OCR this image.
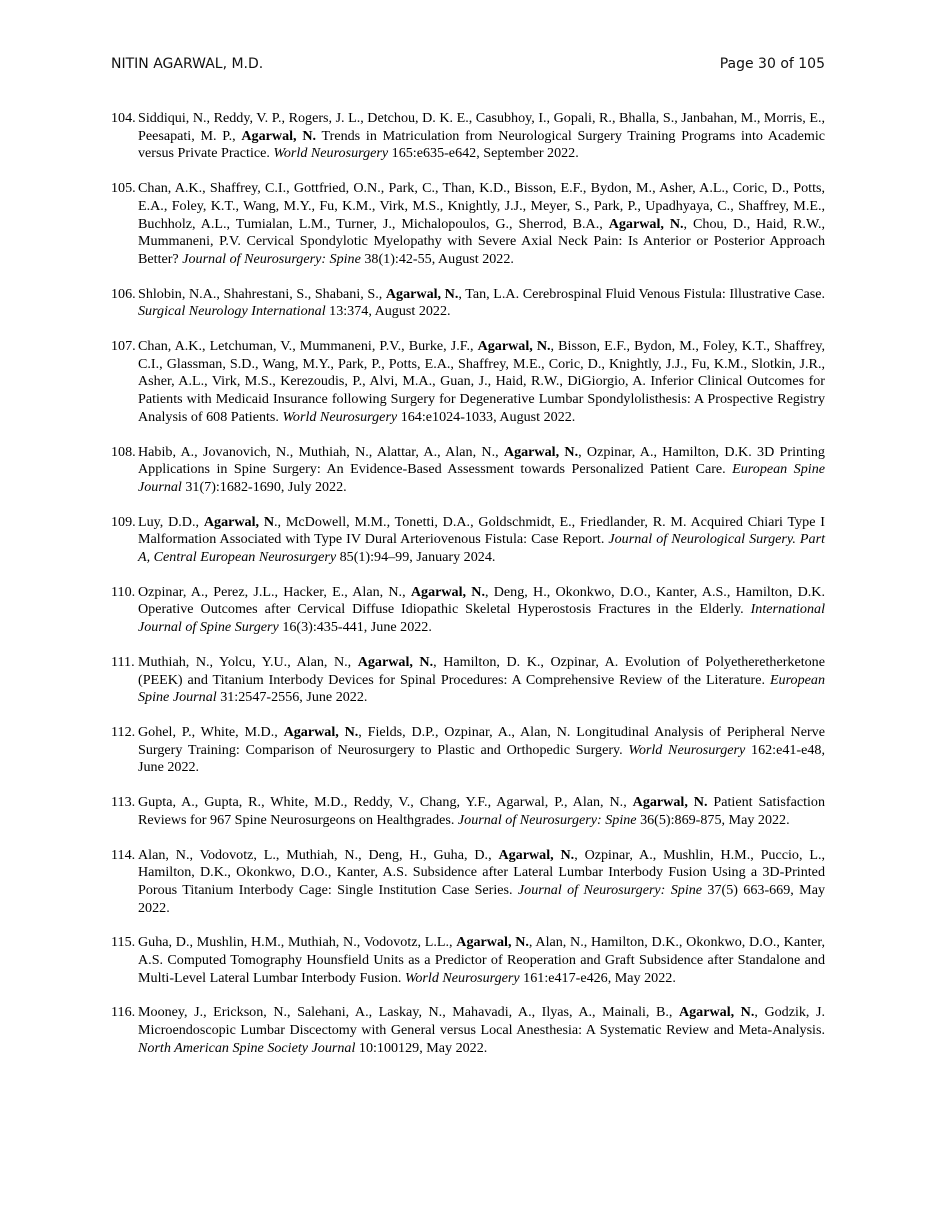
NITIN AGARWAL, M.D.	Page 30 of 105
104. Siddiqui, N., Reddy, V. P., Rogers, J. L., Detchou, D. K. E., Casubhoy, I., Gopali, R., Bhalla, S., Janbahan, M., Morris, E., Peesapati, M. P., Agarwal, N. Trends in Matriculation from Neurological Surgery Training Programs into Academic versus Private Practice. World Neurosurgery 165:e635-e642, September 2022.
105. Chan, A.K., Shaffrey, C.I., Gottfried, O.N., Park, C., Than, K.D., Bisson, E.F., Bydon, M., Asher, A.L., Coric, D., Potts, E.A., Foley, K.T., Wang, M.Y., Fu, K.M., Virk, M.S., Knightly, J.J., Meyer, S., Park, P., Upadhyaya, C., Shaffrey, M.E., Buchholz, A.L., Tumialan, L.M., Turner, J., Michalopoulos, G., Sherrod, B.A., Agarwal, N., Chou, D., Haid, R.W., Mummaneni, P.V. Cervical Spondylotic Myelopathy with Severe Axial Neck Pain: Is Anterior or Posterior Approach Better? Journal of Neurosurgery: Spine 38(1):42-55, August 2022.
106. Shlobin, N.A., Shahrestani, S., Shabani, S., Agarwal, N., Tan, L.A. Cerebrospinal Fluid Venous Fistula: Illustrative Case. Surgical Neurology International 13:374, August 2022.
107. Chan, A.K., Letchuman, V., Mummaneni, P.V., Burke, J.F., Agarwal, N., Bisson, E.F., Bydon, M., Foley, K.T., Shaffrey, C.I., Glassman, S.D., Wang, M.Y., Park, P., Potts, E.A., Shaffrey, M.E., Coric, D., Knightly, J.J., Fu, K.M., Slotkin, J.R., Asher, A.L., Virk, M.S., Kerezoudis, P., Alvi, M.A., Guan, J., Haid, R.W., DiGiorgio, A. Inferior Clinical Outcomes for Patients with Medicaid Insurance following Surgery for Degenerative Lumbar Spondylolisthesis: A Prospective Registry Analysis of 608 Patients. World Neurosurgery 164:e1024-1033, August 2022.
108. Habib, A., Jovanovich, N., Muthiah, N., Alattar, A., Alan, N., Agarwal, N., Ozpinar, A., Hamilton, D.K. 3D Printing Applications in Spine Surgery: An Evidence-Based Assessment towards Personalized Patient Care. European Spine Journal 31(7):1682-1690, July 2022.
109. Luy, D.D., Agarwal, N., McDowell, M.M., Tonetti, D.A., Goldschmidt, E., Friedlander, R. M. Acquired Chiari Type I Malformation Associated with Type IV Dural Arteriovenous Fistula: Case Report. Journal of Neurological Surgery. Part A, Central European Neurosurgery 85(1):94–99, January 2024.
110. Ozpinar, A., Perez, J.L., Hacker, E., Alan, N., Agarwal, N., Deng, H., Okonkwo, D.O., Kanter, A.S., Hamilton, D.K. Operative Outcomes after Cervical Diffuse Idiopathic Skeletal Hyperostosis Fractures in the Elderly. International Journal of Spine Surgery 16(3):435-441, June 2022.
111. Muthiah, N., Yolcu, Y.U., Alan, N., Agarwal, N., Hamilton, D. K., Ozpinar, A. Evolution of Polyetheretherketone (PEEK) and Titanium Interbody Devices for Spinal Procedures: A Comprehensive Review of the Literature. European Spine Journal 31:2547-2556, June 2022.
112. Gohel, P., White, M.D., Agarwal, N., Fields, D.P., Ozpinar, A., Alan, N. Longitudinal Analysis of Peripheral Nerve Surgery Training: Comparison of Neurosurgery to Plastic and Orthopedic Surgery. World Neurosurgery 162:e41-e48, June 2022.
113. Gupta, A., Gupta, R., White, M.D., Reddy, V., Chang, Y.F., Agarwal, P., Alan, N., Agarwal, N. Patient Satisfaction Reviews for 967 Spine Neurosurgeons on Healthgrades. Journal of Neurosurgery: Spine 36(5):869-875, May 2022.
114. Alan, N., Vodovotz, L., Muthiah, N., Deng, H., Guha, D., Agarwal, N., Ozpinar, A., Mushlin, H.M., Puccio, L., Hamilton, D.K., Okonkwo, D.O., Kanter, A.S. Subsidence after Lateral Lumbar Interbody Fusion Using a 3D-Printed Porous Titanium Interbody Cage: Single Institution Case Series. Journal of Neurosurgery: Spine 37(5) 663-669, May 2022.
115. Guha, D., Mushlin, H.M., Muthiah, N., Vodovotz, L.L., Agarwal, N., Alan, N., Hamilton, D.K., Okonkwo, D.O., Kanter, A.S. Computed Tomography Hounsfield Units as a Predictor of Reoperation and Graft Subsidence after Standalone and Multi-Level Lateral Lumbar Interbody Fusion. World Neurosurgery 161:e417-e426, May 2022.
116. Mooney, J., Erickson, N., Salehani, A., Laskay, N., Mahavadi, A., Ilyas, A., Mainali, B., Agarwal, N., Godzik, J. Microendoscopic Lumbar Discectomy with General versus Local Anesthesia: A Systematic Review and Meta-Analysis. North American Spine Society Journal 10:100129, May 2022.
